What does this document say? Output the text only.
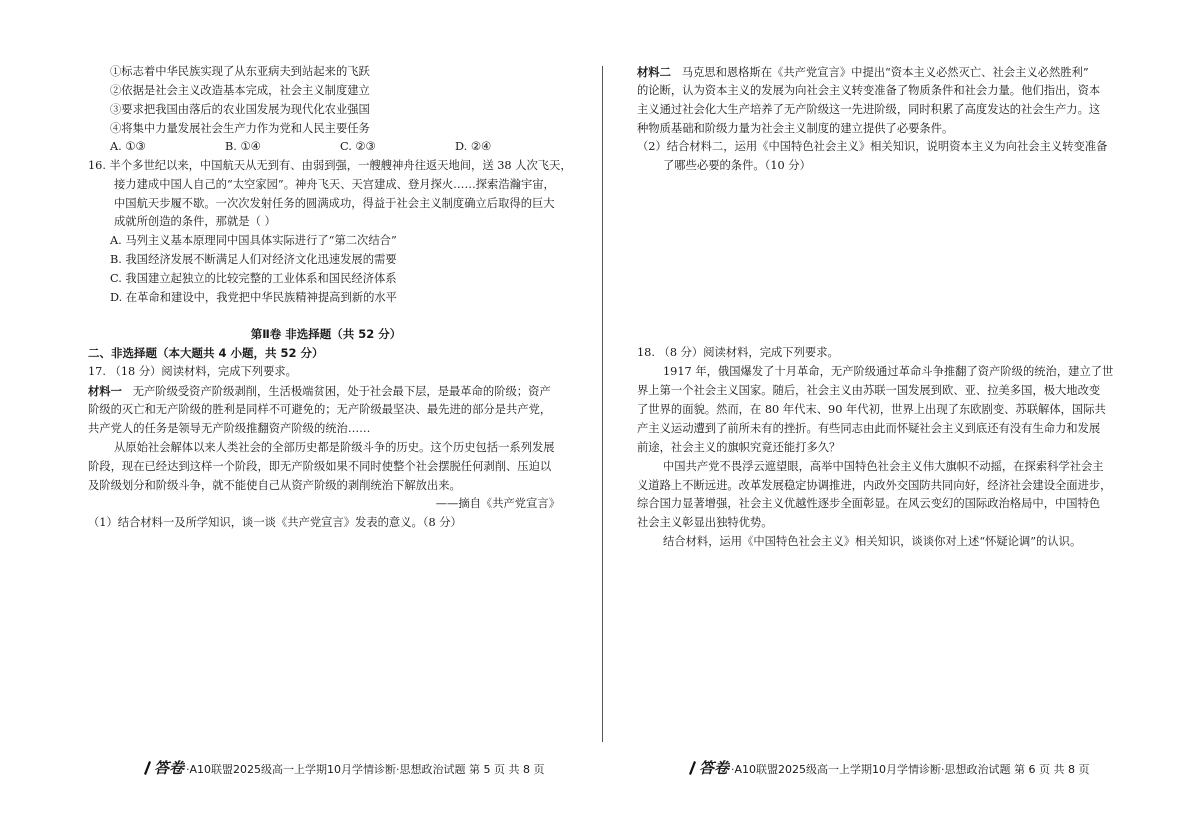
①标志着中华民族实现了从东亚病夫到站起来的飞跃
②依据是社会主义改造基本完成，社会主义制度建立
③要求把我国由落后的农业国发展为现代化农业强国
④将集中力量发展社会生产力作为党和人民主要任务
A. ①③	B. ①④	C. ②③	D. ②④
16. 半个多世纪以来，中国航天从无到有、由弱到强，一艘艘神舟往返天地间，送 38 人次飞天，
接力建成中国人自己的“太空家园”。神舟飞天、天宫建成、登月探火……探索浩瀚宇宙，
中国航天步履不歇。一次次发射任务的圆满成功，得益于社会主义制度确立后取得的巨大
成就所创造的条件，那就是（ ）
A. 马列主义基本原理同中国具体实际进行了“第二次结合”
B. 我国经济发展不断满足人们对经济文化迅速发展的需要
C. 我国建立起独立的比较完整的工业体系和国民经济体系
D. 在革命和建设中，我党把中华民族精神提高到新的水平
第Ⅱ卷 非选择题（共 52 分）
二、非选择题（本大题共 4 小题，共 52 分）
17. （18 分）阅读材料，完成下列要求。
材料一 无产阶级受资产阶级剥削，生活极端贫困，处于社会最下层，是最革命的阶级；资产
阶级的灭亡和无产阶级的胜利是同样不可避免的；无产阶级最坚决、最先进的部分是共产党，
共产党人的任务是领导无产阶级推翻资产阶级的统治……
从原始社会解体以来人类社会的全部历史都是阶级斗争的历史。这个历史包括一系列发展
阶段，现在已经达到这样一个阶段，即无产阶级如果不同时使整个社会摆脱任何剥削、压迫以
及阶级划分和阶级斗争，就不能使自己从资产阶级的剥削统治下解放出来。
——摘自《共产党宣言》
（1）结合材料一及所学知识，谈一谈《共产党宣言》发表的意义。（8 分）
答卷 ·A10联盟2025级高一上学期10月学情诊断·思想政治试题 第 5 页 共 8 页
材料二 马克思和恩格斯在《共产党宣言》中提出“资本主义必然灭亡、社会主义必然胜利”
的论断，认为资本主义的发展为向社会主义转变准备了物质条件和社会力量。他们指出，资本
主义通过社会化大生产培养了无产阶级这一先进阶级，同时积累了高度发达的社会生产力。这
种物质基础和阶级力量为社会主义制度的建立提供了必要条件。
（2）结合材料二，运用《中国特色社会主义》相关知识，说明资本主义为向社会主义转变准备
了哪些必要的条件。（10 分）
18. （8 分）阅读材料，完成下列要求。
1917 年，俄国爆发了十月革命，无产阶级通过革命斗争推翻了资产阶级的统治，建立了世
界上第一个社会主义国家。随后，社会主义由苏联一国发展到欧、亚、拉美多国，极大地改变
了世界的面貌。然而，在 80 年代末、90 年代初，世界上出现了东欧剧变、苏联解体，国际共
产主义运动遭到了前所未有的挫折。有些同志由此而怀疑社会主义到底还有没有生命力和发展
前途，社会主义的旗帜究竟还能打多久？
中国共产党不畏浮云遮望眼，高举中国特色社会主义伟大旗帜不动摇，在探索科学社会主
义道路上不断远进。改革发展稳定协调推进，内政外交国防共同向好，经济社会建设全面进步，
综合国力显著增强，社会主义优越性逐步全面彰显。在风云变幻的国际政治格局中，中国特色
社会主义彰显出独特优势。
结合材料，运用《中国特色社会主义》相关知识，谈谈你对上述“怀疑论调”的认识。
答卷 ·A10联盟2025级高一上学期10月学情诊断·思想政治试题 第 6 页 共 8 页
